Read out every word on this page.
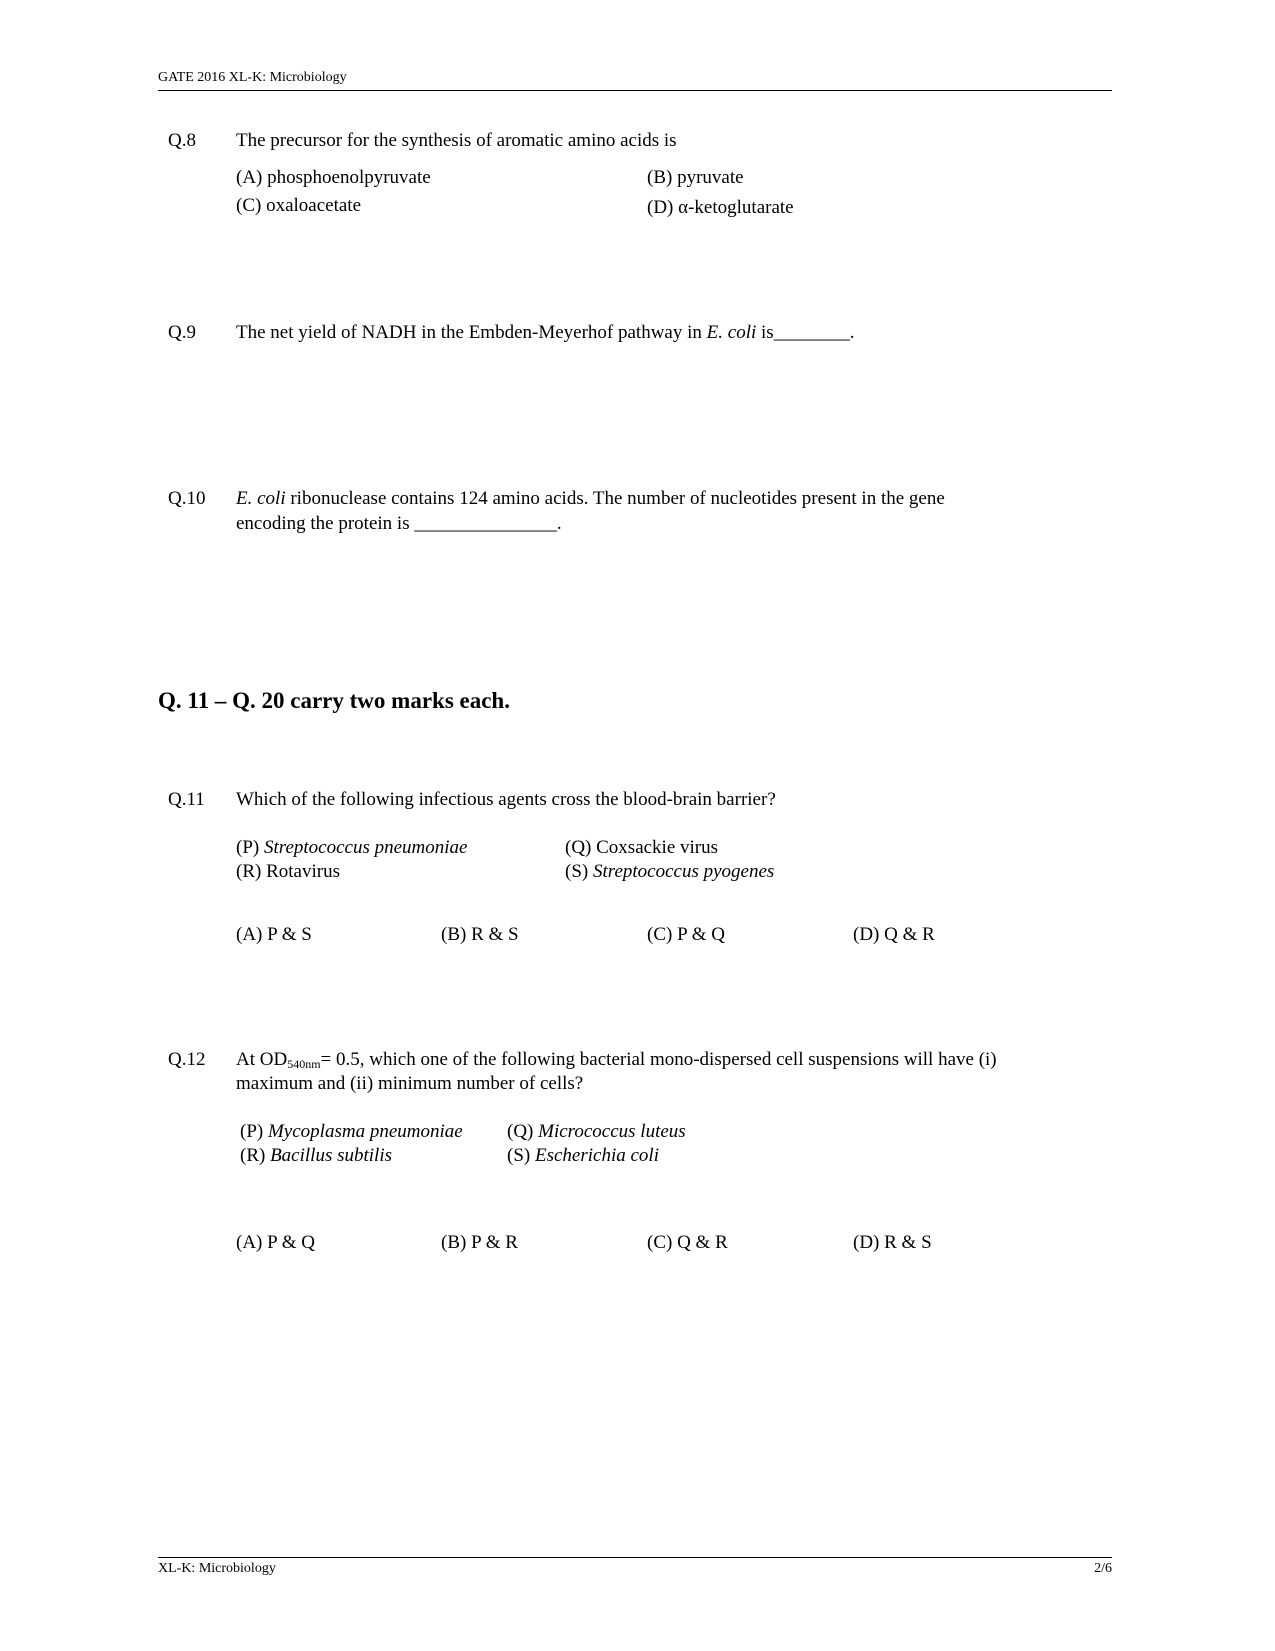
GATE 2016 XL-K: Microbiology
Q.8 The precursor for the synthesis of aromatic amino acids is
(A) phosphoenolpyruvate	(B) pyruvate
(C) oxaloacetate	(D) α-ketoglutarate
Q.9 The net yield of NADH in the Embden-Meyerhof pathway in E. coli is________.
Q.10 E. coli ribonuclease contains 124 amino acids. The number of nucleotides present in the gene
encoding the protein is _______________.
Q. 11 – Q. 20 carry two marks each.
Q.11 Which of the following infectious agents cross the blood-brain barrier?
(P) Streptococcus pneumoniae	(Q) Coxsackie virus
(R) Rotavirus	(S) Streptococcus pyogenes
(A) P & S	(B) R & S	(C) P & Q	(D) Q & R
Q.12 At $OD_{540nm}= 0.5$, which one of the following bacterial mono-dispersed cell suspensions will have (i)
maximum and (ii) minimum number of cells?
(P) Mycoplasma pneumoniae (Q) Micrococcus luteus
(R) Bacillus subtilis	(S) Escherichia coli
(A) P & Q	(B) P & R	(C) Q & R	(D) R & S
XL-K: Microbiology	2/6
